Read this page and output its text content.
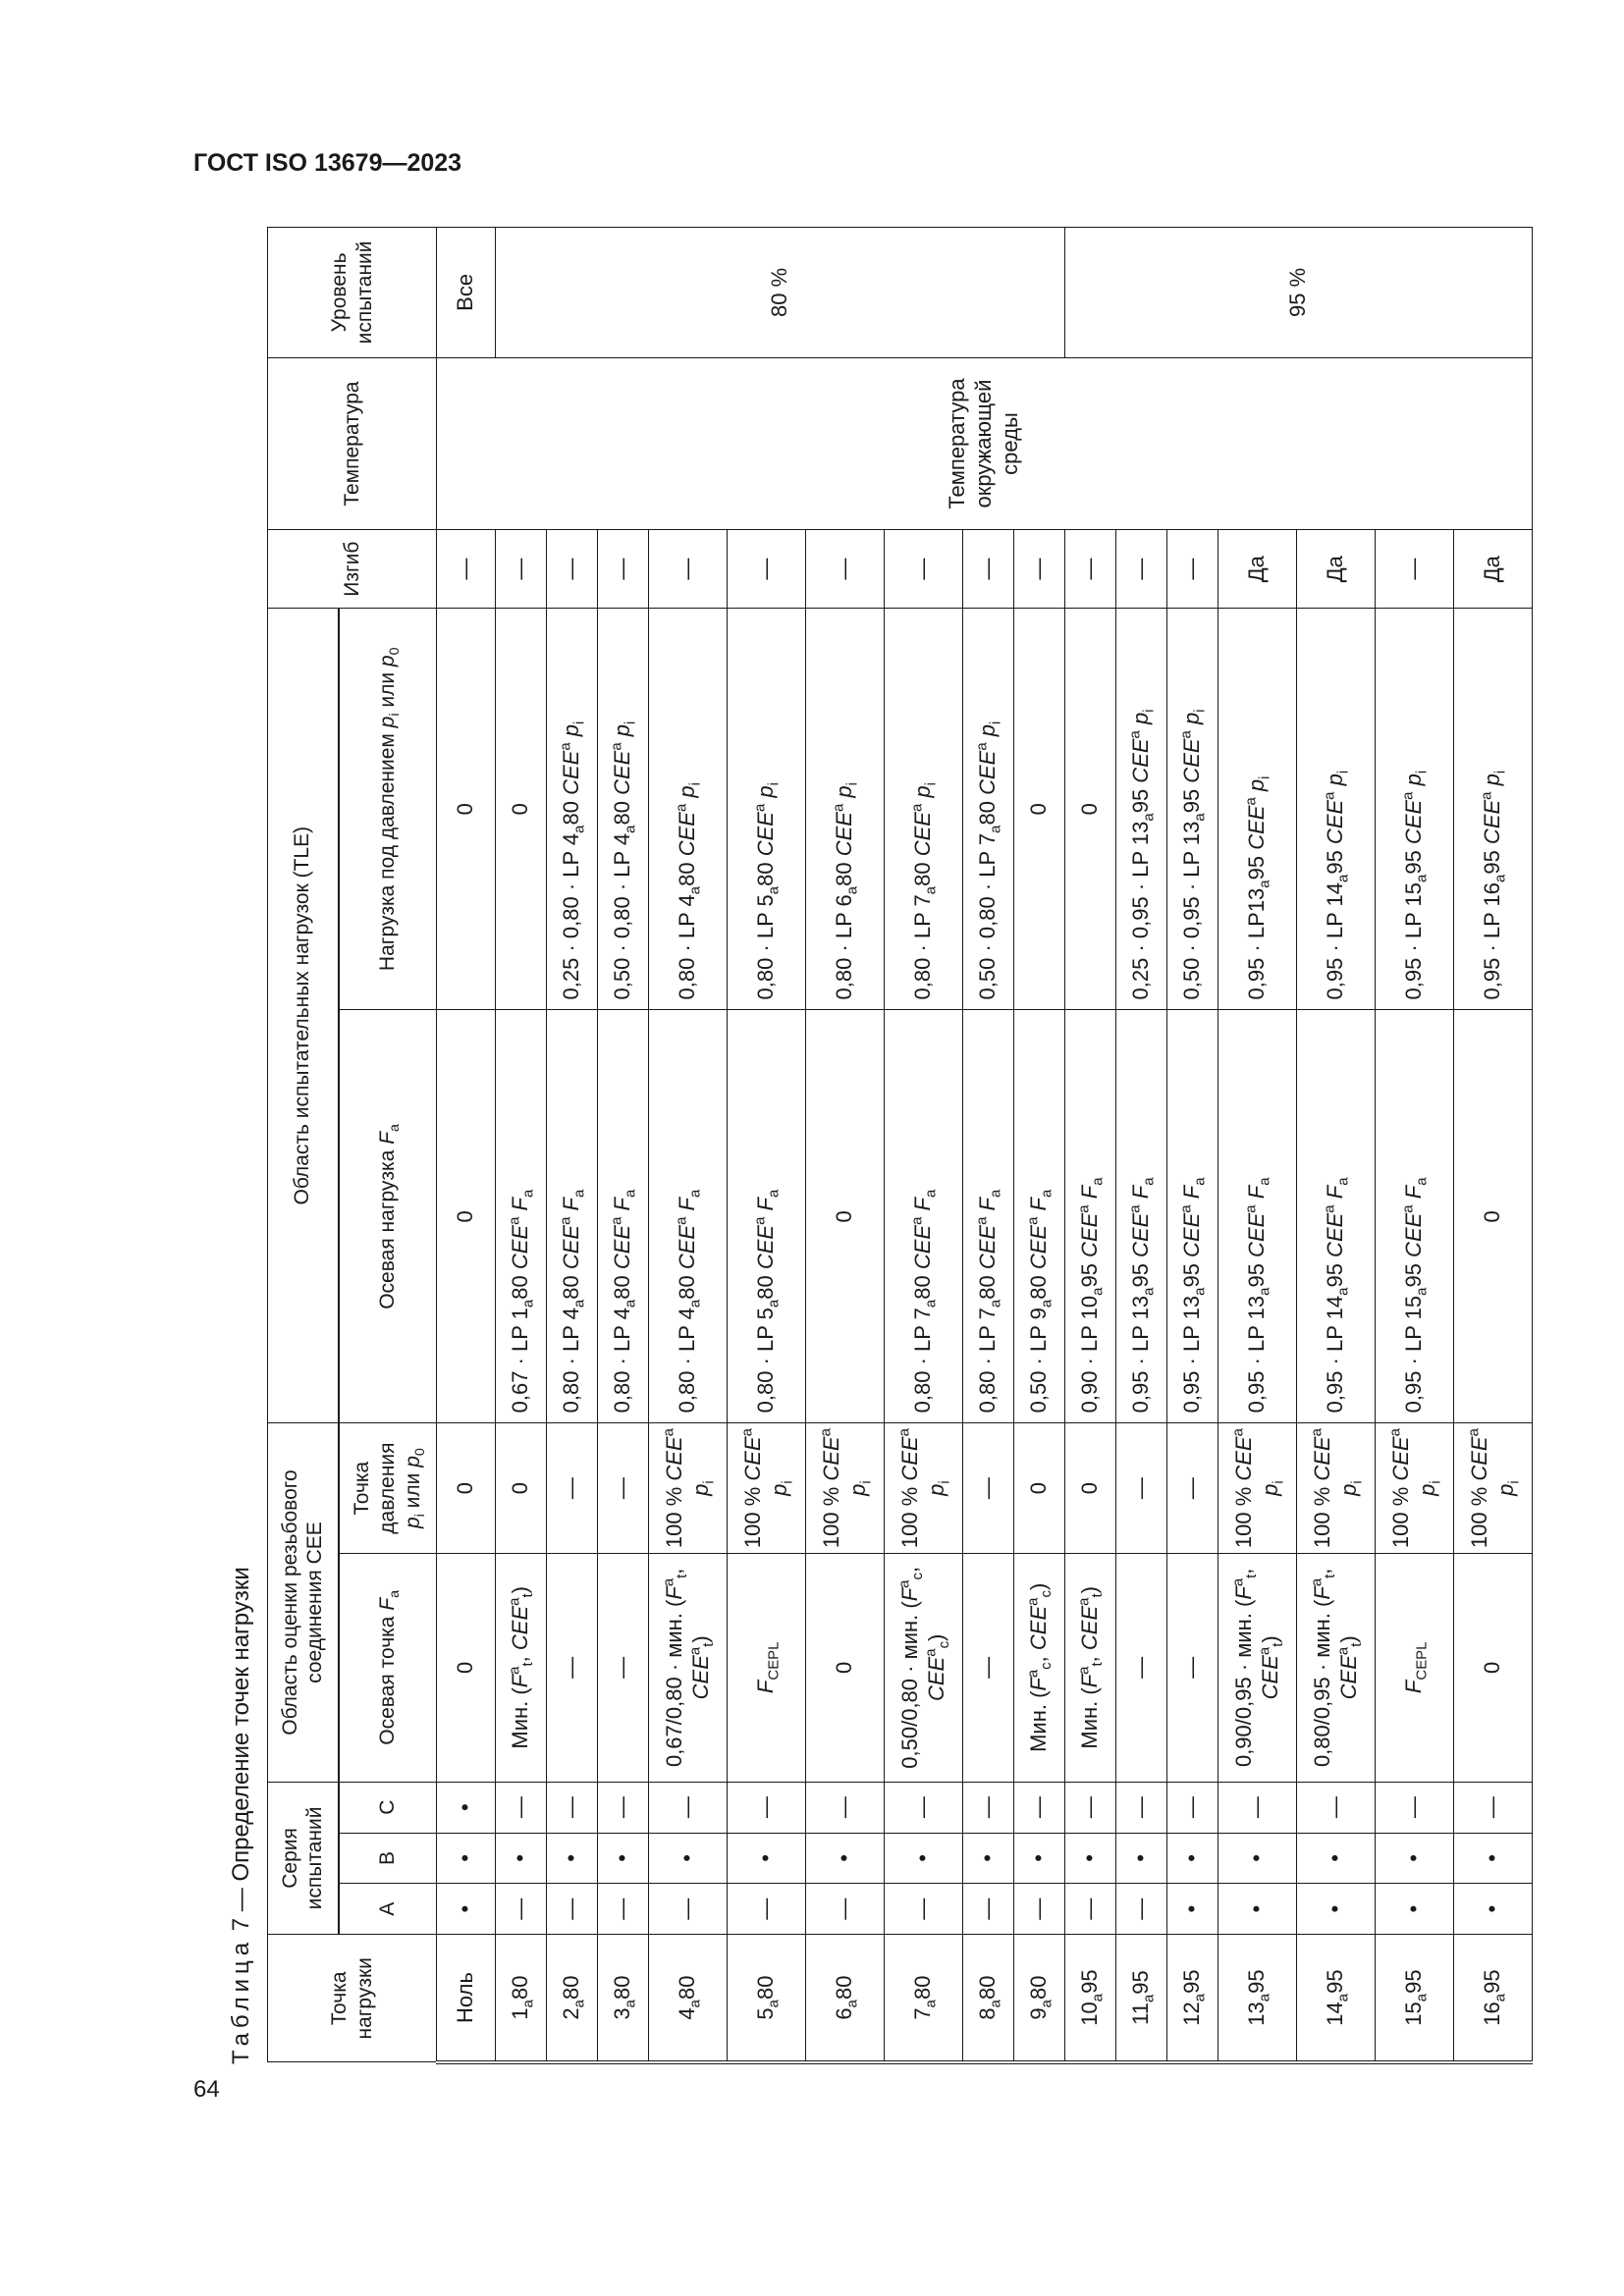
ГОСТ ISO 13679—2023
64
Таблица 7 — Определение точек нагрузки
Точка нагрузки	Серия испытаний			Область оценки резьбового соединения CEE		Область испытательных нагрузок (TLE)		Изгиб	Температура	Уровень испытаний
	A	B	C	Осевая точка $F_a$	Точка давления $p_i$ или $p_0$	Осевая нагрузка $F_a$	Нагрузка под давлением $p_i$ или $p_0$
Ноль	•	•	•	0	0	0	0	—	Температура окружающей среды	Все
$1_a80$	—	•	—	Мин. ($F^a_t$, $CEE^a_t$)	0	0,67 · LP $1_a80$ CEE$^a$ $F_a$	0	—		80 %
$2_a80$	—	•	—	—	—	0,80 · LP $4_a80$ CEE$^a$ $F_a$	0,25 · 0,80 · LP $4_a80$ CEE$^a$ $p_i$	—		
$3_a80$	—	•	—	—	—	0,80 · LP $4_a80$ CEE$^a$ $F_a$	0,50 · 0,80 · LP $4_a80$ CEE$^a$ $p_i$	—		
$4_a80$	—	•	—	0,67/0,80 · мин. ($F^a_t$, $CEE^a_t$)	100 % CEE$^a$ $p_i$	0,80 · LP $4_a80$ CEE$^a$ $F_a$	0,80 · LP $4_a80$ CEE$^a$ $p_i$	—		
$5_a80$	—	•	—	$F_{CEPL}$	100 % CEE$^a$ $p_i$	0,80 · LP $5_a80$ CEE$^a$ $F_a$	0,80 · LP $5_a80$ CEE$^a$ $p_i$	—		
$6_a80$	—	•	—	0	100 % CEE$^a$ $p_i$	0	0,80 · LP $6_a80$ CEE$^a$ $p_i$	—		
$7_a80$	—	•	—	0,50/0,80 · мин. ($F^a_c$, $CEE^a_c$)	100 % CEE$^a$ $p_i$	0,80 · LP $7_a80$ CEE$^a$ $F_a$	0,80 · LP $7_a80$ CEE$^a$ $p_i$	—		
$8_a80$	—	•	—	—	—	0,80 · LP $7_a80$ CEE$^a$ $F_a$	0,50 · 0,80 · LP $7_a80$ CEE$^a$ $p_i$	—		
$9_a80$	—	•	—	Мин. ($F^a_c$, $CEE^a_c$)	0	0,50 · LP $9_a80$ CEE$^a$ $F_a$	0	—		
$10_a95$	—	•	—	Мин. ($F^a_t$, $CEE^a_t$)	0	0,90 · LP $10_a95$ CEE$^a$ $F_a$	0	—		95 %
$11_a95$	—	•	—	—	—	0,95 · LP $13_a95$ CEE$^a$ $F_a$	0,25 · 0,95 · LP $13_a95$ CEE$^a$ $p_i$	—		
$12_a95$	•	•	—	—	—	0,95 · LP $13_a95$ CEE$^a$ $F_a$	0,50 · 0,95 · LP $13_a95$ CEE$^a$ $p_i$	—		
$13_a95$	•	•	—	0,90/0,95 · мин. ($F^a_t$, $CEE^a_t$)	100 % CEE$^a$ $p_i$	0,95 · LP $13_a95$ CEE$^a$ $F_a$	$0,95 \cdot LP13_a95$ CEE$^a$ $p_i$	Да		
$14_a95$	•	•	—	0,80/0,95 · мин. ($F^a_t$, $CEE^a_t$)	100 % CEE$^a$ $p_i$	0,95 · LP $14_a95$ CEE$^a$ $F_a$	0,95 · LP $14_a95$ CEE$^a$ $p_i$	Да		
$15_a95$	•	•	—	$F_{CEPL}$	100 % CEE$^a$ $p_i$	0,95 · LP $15_a95$ CEE$^a$ $F_a$	0,95 · LP $15_a95$ CEE$^a$ $p_i$	—		
$16_a95$	•	•	—	0	100 % CEE$^a$ $p_i$	0	0,95 · LP $16_a95$ CEE$^a$ $p_i$	Да		
